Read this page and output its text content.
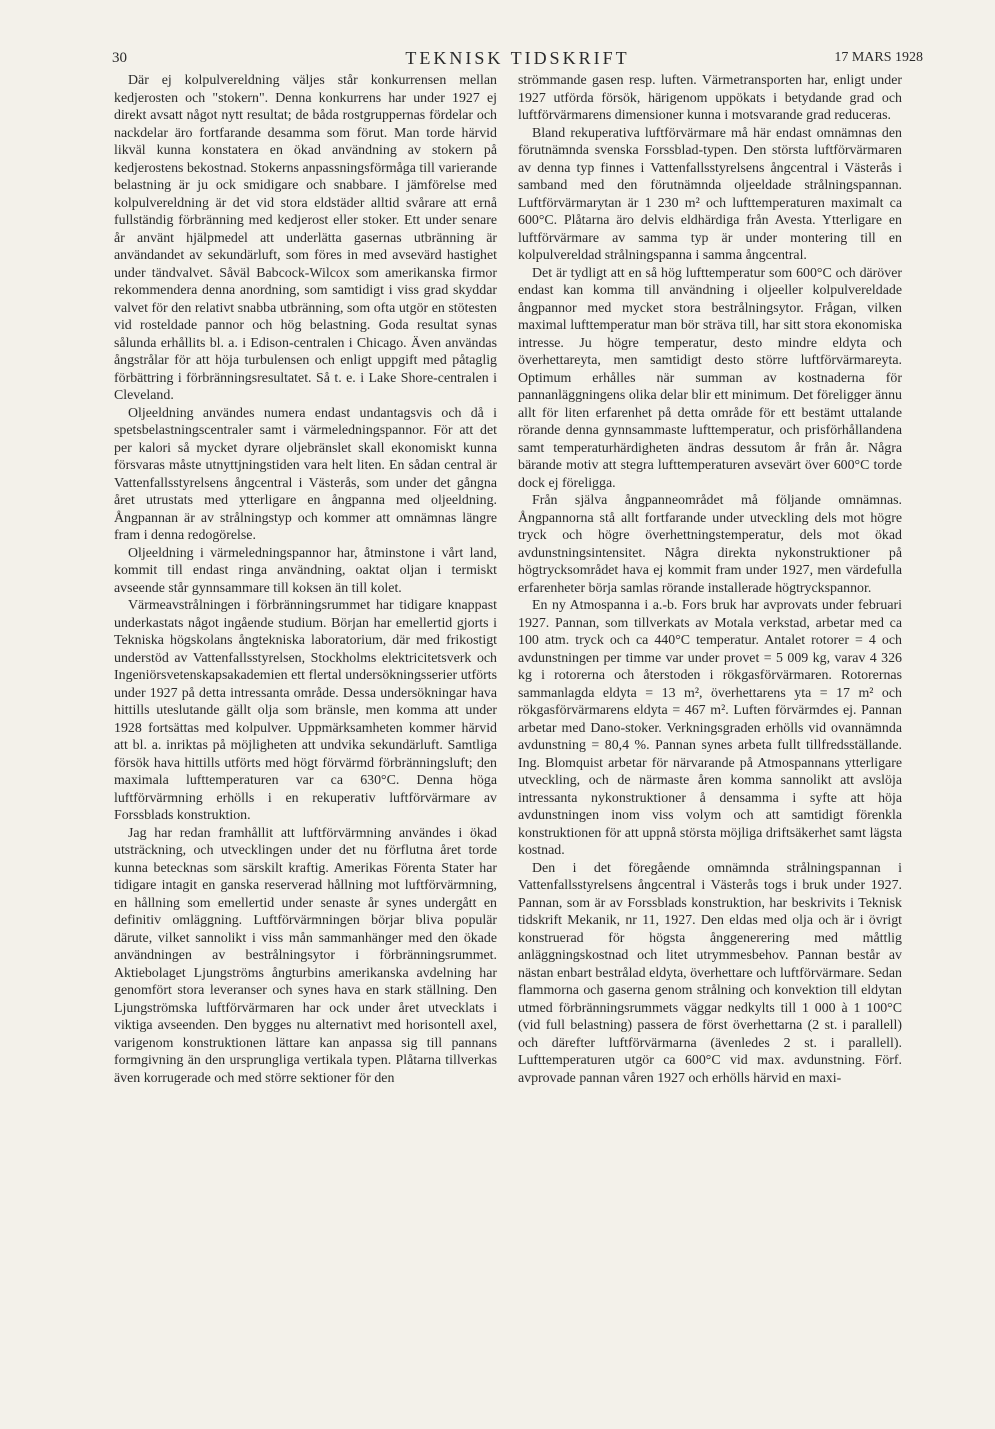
30	TEKNISK TIDSKRIFT	17 MARS 1928

Där ej kolpulvereldning väljes står konkurrensen mellan kedjerosten och "stokern". Denna konkurrens har under 1927 ej direkt avsatt något nytt resultat; de båda rostgruppernas fördelar och nackdelar äro fortfarande desamma som förut. Man torde härvid likväl kunna konstatera en ökad användning av stokern på kedjerostens bekostnad. Stokerns anpassningsförmåga till varierande belastning är ju ock smidigare och snabbare. I jämförelse med kolpulvereldning är det vid stora eldstäder alltid svårare att ernå fullständig förbränning med kedjerost eller stoker. Ett under senare år använt hjälpmedel att underlätta gasernas utbränning är användandet av sekundärluft, som föres in med avsevärd hastighet under tändvalvet. Såväl Babcock-Wilcox som amerikanska firmor rekommendera denna anordning, som samtidigt i viss grad skyddar valvet för den relativt snabba utbränning, som ofta utgör en stötesten vid rosteldade pannor och hög belastning. Goda resultat synas sålunda erhållits bl. a. i Edison-centralen i Chicago. Även användas ångstrålar för att höja turbulensen och enligt uppgift med påtaglig förbättring i förbränningsresultatet. Så t. e. i Lake Shore-centralen i Cleveland.

Oljeeldning användes numera endast undantagsvis och då i spetsbelastningscentraler samt i värmeledningspannor. För att det per kalori så mycket dyrare oljebränslet skall ekonomiskt kunna försvaras måste utnyttjningstiden vara helt liten. En sådan central är Vattenfallsstyrelsens ångcentral i Västerås, som under det gångna året utrustats med ytterligare en ångpanna med oljeeldning. Ångpannan är av strålningstyp och kommer att omnämnas längre fram i denna redogörelse.

Oljeeldning i värmeledningspannor har, åtminstone i vårt land, kommit till endast ringa användning, oaktat oljan i termiskt avseende står gynnsammare till koksen än till kolet.

Värmeavstrålningen i förbränningsrummet har tidigare knappast underkastats något ingående studium. Början har emellertid gjorts i Tekniska högskolans ångtekniska laboratorium, där med frikostigt understöd av Vattenfallsstyrelsen, Stockholms elektricitetsverk och Ingeniörsvetenskapsakademien ett flertal undersökningsserier utförts under 1927 på detta intressanta område. Dessa undersökningar hava hittills uteslutande gällt olja som bränsle, men komma att under 1928 fortsättas med kolpulver. Uppmärksamheten kommer härvid att bl. a. inriktas på möjligheten att undvika sekundärluft. Samtliga försök hava hittills utförts med högt förvärmd förbränningsluft; den maximala lufttemperaturen var ca 630°C. Denna höga luftförvärmning erhölls i en rekuperativ luftförvärmare av Forssblads konstruktion.

Jag har redan framhållit att luftförvärmning användes i ökad utsträckning, och utvecklingen under det nu förflutna året torde kunna betecknas som särskilt kraftig. Amerikas Förenta Stater har tidigare intagit en ganska reserverad hållning mot luftförvärmning, en hållning som emellertid under senaste år synes undergått en definitiv omläggning. Luftförvärmningen börjar bliva populär därute, vilket sannolikt i viss mån sammanhänger med den ökade användningen av bestrålningsytor i förbränningsrummet. Aktiebolaget Ljungströms ångturbins amerikanska avdelning har genomfört stora leveranser och synes hava en stark ställning. Den Ljungströmska luftförvärmaren har ock under året utvecklats i viktiga avseenden. Den bygges nu alternativt med horisontell axel, varigenom konstruktionen lättare kan anpassa sig till pannans formgivning än den ursprungliga vertikala typen. Plåtarna tillverkas även korrugerade och med större sektioner för den

strömmande gasen resp. luften. Värmetransporten har, enligt under 1927 utförda försök, härigenom uppökats i betydande grad och luftförvärmarens dimensioner kunna i motsvarande grad reduceras.

Bland rekuperativa luftförvärmare må här endast omnämnas den förutnämnda svenska Forssblad-typen. Den största luftförvärmaren av denna typ finnes i Vattenfallsstyrelsens ångcentral i Västerås i samband med den förutnämnda oljeeldade strålningspannan. Luftförvärmarytan är 1 230 m² och lufttemperaturen maximalt ca 600°C. Plåtarna äro delvis eldhärdiga från Avesta. Ytterligare en luftförvärmare av samma typ är under montering till en kolpulvereldad strålningspanna i samma ångcentral.

Det är tydligt att en så hög lufttemperatur som 600°C och däröver endast kan komma till användning i oljeeller kolpulvereldade ångpannor med mycket stora bestrålningsytor. Frågan, vilken maximal lufttemperatur man bör sträva till, har sitt stora ekonomiska intresse. Ju högre temperatur, desto mindre eldyta och överhettareyta, men samtidigt desto större luftförvärmareyta. Optimum erhålles när summan av kostnaderna för pannanläggningens olika delar blir ett minimum. Det föreligger ännu allt för liten erfarenhet på detta område för ett bestämt uttalande rörande denna gynnsammaste lufttemperatur, och prisförhållandena samt temperaturhärdigheten ändras dessutom år från år. Några bärande motiv att stegra lufttemperaturen avsevärt över 600°C torde dock ej föreligga.

Från själva ångpanneområdet må följande omnämnas. Ångpannorna stå allt fortfarande under utveckling dels mot högre tryck och högre överhettningstemperatur, dels mot ökad avdunstningsintensitet. Några direkta nykonstruktioner på högtrycksområdet hava ej kommit fram under 1927, men värdefulla erfarenheter börja samlas rörande installerade högtryckspannor.

En ny Atmospanna i a.-b. Fors bruk har avprovats under februari 1927. Pannan, som tillverkats av Motala verkstad, arbetar med ca 100 atm. tryck och ca 440°C temperatur. Antalet rotorer = 4 och avdunstningen per timme var under provet = 5 009 kg, varav 4 326 kg i rotorerna och återstoden i rökgasförvärmaren. Rotorernas sammanlagda eldyta = 13 m², överhettarens yta = 17 m² och rökgasförvärmarens eldyta = 467 m². Luften förvärmdes ej. Pannan arbetar med Dano-stoker. Verkningsgraden erhölls vid ovannämnda avdunstning = 80,4 %. Pannan synes arbeta fullt tillfredsställande. Ing. Blomquist arbetar för närvarande på Atmospannans ytterligare utveckling, och de närmaste åren komma sannolikt att avslöja intressanta nykonstruktioner å densamma i syfte att höja avdunstningen inom viss volym och att samtidigt förenkla konstruktionen för att uppnå största möjliga driftsäkerhet samt lägsta kostnad.

Den i det föregående omnämnda strålningspannan i Vattenfallsstyrelsens ångcentral i Västerås togs i bruk under 1927. Pannan, som är av Forssblads konstruktion, har beskrivits i Teknisk tidskrift Mekanik, nr 11, 1927. Den eldas med olja och är i övrigt konstruerad för högsta ånggenerering med måttlig anläggningskostnad och litet utrymmesbehov. Pannan består av nästan enbart bestrålad eldyta, överhettare och luftförvärmare. Sedan flammorna och gaserna genom strålning och konvektion till eldytan utmed förbränningsrummets väggar nedkylts till 1 000 à 1 100°C (vid full belastning) passera de först överhettarna (2 st. i parallell) och därefter luftförvärmarna (ävenledes 2 st. i parallell). Lufttemperaturen utgör ca 600°C vid max. avdunstning. Förf. avprovade pannan våren 1927 och erhölls härvid en maxi-
